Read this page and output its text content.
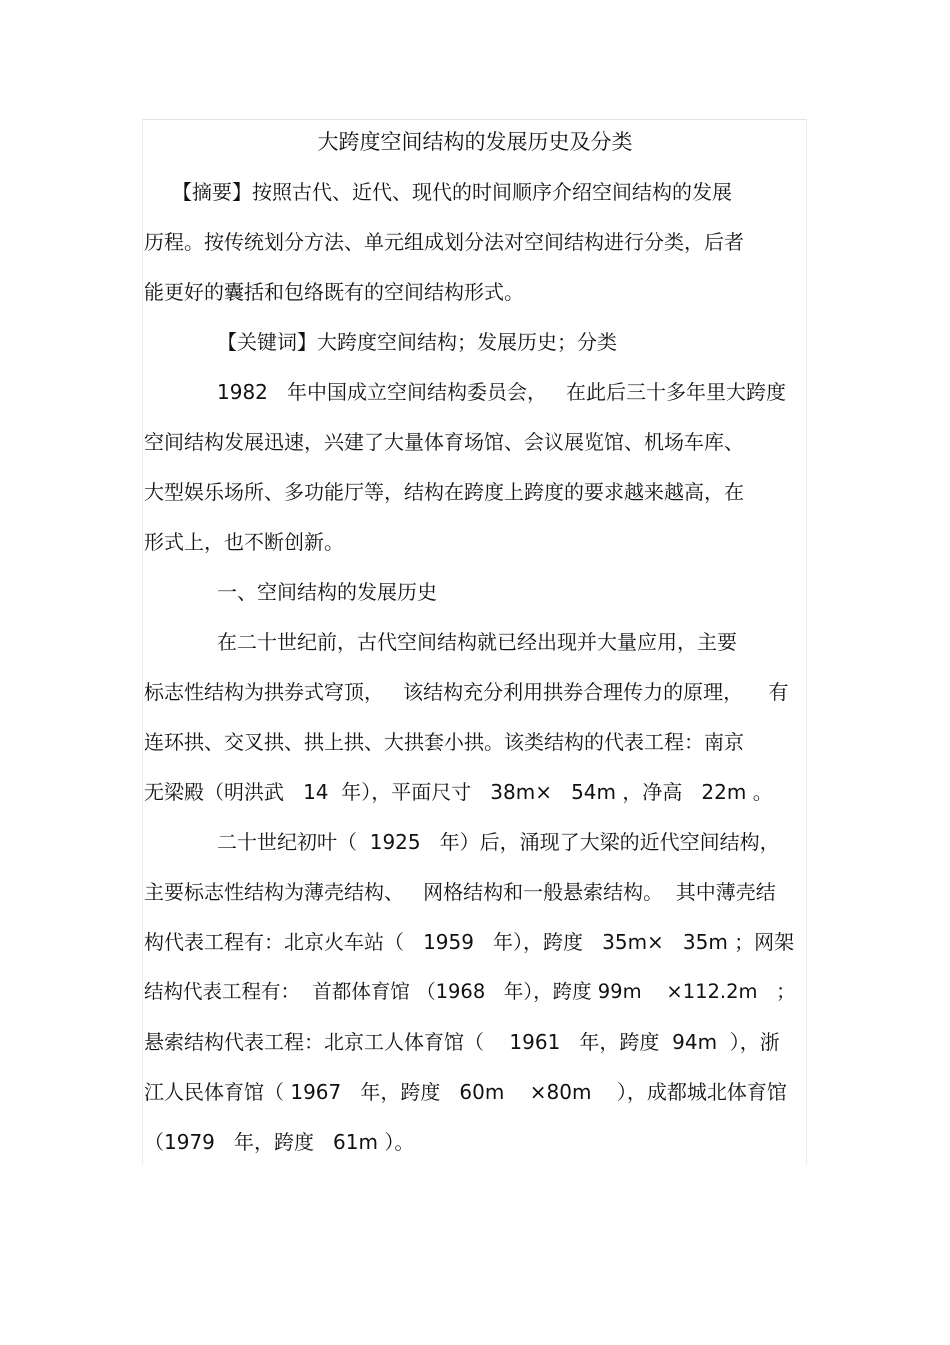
大跨度空间结构的发展历史及分类
【摘要】按照古代、近代、现代的时间顺序介绍空间结构的发展
历程。按传统划分方法、单元组成划分法对空间结构进行分类，后者
能更好的囊括和包络既有的空间结构形式。
【关键词】大跨度空间结构；发展历史；分类
1982   年中国成立空间结构委员会，   在此后三十多年里大跨度
空间结构发展迅速，兴建了大量体育场馆、会议展览馆、机场车库、
大型娱乐场所、多功能厅等，结构在跨度上跨度的要求越来越高，在
形式上，也不断创新。
一、空间结构的发展历史
在二十世纪前，古代空间结构就已经出现并大量应用，主要
标志性结构为拱券式穹顶，   该结构充分利用拱券合理传力的原理，    有
连环拱、交叉拱、拱上拱、大拱套小拱。该类结构的代表工程：南京
无梁殿（明洪武   14  年），平面尺寸   38m×   54m ，净高   22m 。
二十世纪初叶（  1925   年）后，涌现了大梁的近代空间结构，
主要标志性结构为薄壳结构、   网格结构和一般悬索结构。  其中薄壳结
构代表工程有：北京火车站（   1959   年），跨度   35m×   35m ；网架
结构代表工程有：  首都体育馆 （1968   年），跨度 99m    ×112.2m   ；
悬索结构代表工程：北京工人体育馆（    1961   年，跨度  94m  ），浙
江人民体育馆（ 1967   年，跨度   60m    ×80m    ），成都城北体育馆
（1979   年，跨度   61m ）。
